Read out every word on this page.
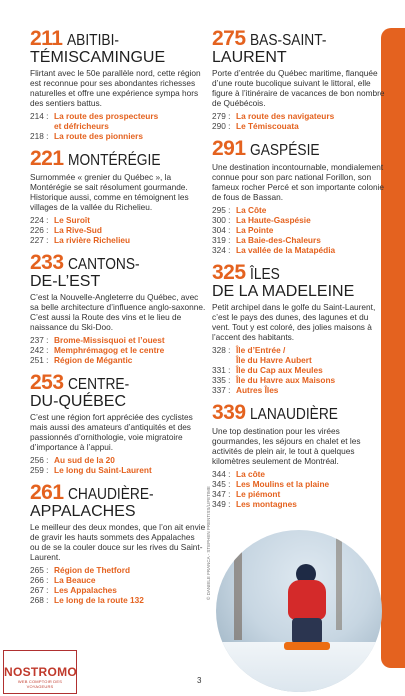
211 ABITIBI-
TÉMISCAMINGUE

Flirtant avec le 50e parallèle nord, cette région est reconnue pour ses abondantes richesses naturelles et offre une expérience sympa hors des sentiers battus.

214 : La route des prospecteurs
et défricheurs
218 : La route des pionniers
221 MONTÉRÉGIE

Surnommée « grenier du Québec », la Montérégie se sait résolument gourmande. Historique aussi, comme en témoignent les villages de la vallée du Richelieu.

224 : Le Suroît
226 : La Rive-Sud
227 : La rivière Richelieu
233 CANTONS-
DE-L’EST

C’est la Nouvelle-Angleterre du Québec, avec sa belle architecture d’influence anglo-saxonne. C’est aussi la Route des vins et le lieu de naissance du Ski-Doo.

237 : Brome-Missisquoi et l’ouest
242 : Memphrémagog et le centre
251 : Région de Mégantic
253 CENTRE-
DU-QUÉBEC

C’est une région fort appréciée des cyclistes mais aussi des amateurs d’antiquités et des passionnés d’ornithologie, voie migratoire d’importance à l’appui.

256 : Au sud de la 20
259 : Le long du Saint-Laurent
261 CHAUDIÈRE-
APPALACHES

Le meilleur des deux mondes, que l’on ait envie de gravir les hauts sommets des Appalaches ou de se la couler douce sur les rives du Saint-Laurent.

265 : Région de Thetford
266 : La Beauce
267 : Les Appalaches
268 : Le long de la route 132
275 BAS-SAINT-
LAURENT

Porte d’entrée du Québec maritime, flanquée d’une route bucolique suivant le littoral, elle figure à l’itinéraire de vacances de bon nombre de Québécois.

279 : La route des navigateurs
290 : Le Témiscouata
291 GASPÉSIE

Une destination incontournable, mondialement connue pour son parc national Forillon, son fameux rocher Percé et son importante colonie de fous de Bassan.

295 : La Côte
300 : La Haute-Gaspésie
304 : La Pointe
319 : La Baie-des-Chaleurs
324 : La vallée de la Matapédia
325 ÎLES
DE LA MADELEINE

Petit archipel dans le golfe du Saint-Laurent, c’est le pays des dunes, des lagunes et du vent. Tout y est coloré, des jolies maisons à l’accent des habitants.

328 : Île d’Entrée /
Île du Havre Aubert
331 : Île du Cap aux Meules
335 : Île du Havre aux Maisons
337 : Autres Îles
339 LANAUDIÈRE

Une top destination pour les virées gourmandes, les séjours en chalet et les activités de plein air, le tout à quelques kilomètres seulement de Montréal.

344 : La côte
345 : Les Moulins et la plaine
347 : Le piémont
349 : Les montagnes
© DANIELE FRANCA - STEPHEN PRENTISS/LIFETIME
3
NOSTROMO
WEB COMPTOIR DES VOYAGEURS
